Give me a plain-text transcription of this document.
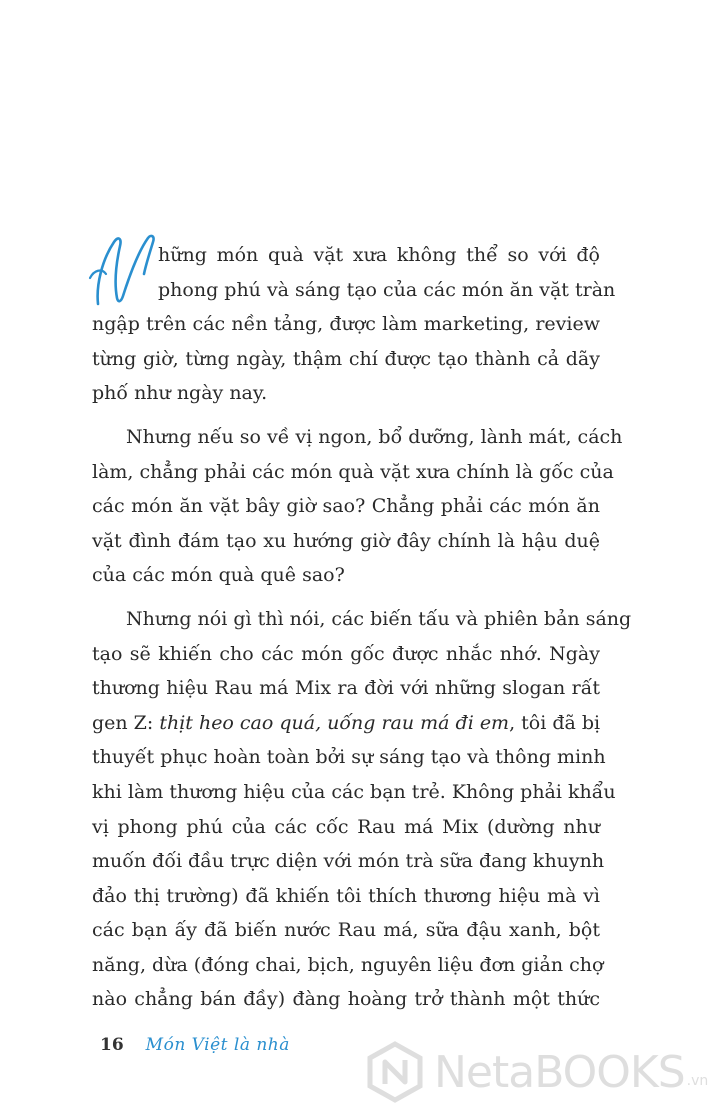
hững món quà vặt xưa không thể so với độ
phong phú và sáng tạo của các món ăn vặt tràn
ngập trên các nền tảng, được làm marketing, review
từng giờ, từng ngày, thậm chí được tạo thành cả dãy
phố như ngày nay.
Nhưng nếu so về vị ngon, bổ dưỡng, lành mát, cách
làm, chẳng phải các món quà vặt xưa chính là gốc của
các món ăn vặt bây giờ sao? Chẳng phải các món ăn
vặt đình đám tạo xu hướng giờ đây chính là hậu duệ
của các món quà quê sao?
Nhưng nói gì thì nói, các biến tấu và phiên bản sáng
tạo sẽ khiến cho các món gốc được nhắc nhớ. Ngày
thương hiệu Rau má Mix ra đời với những slogan rất
gen Z: thịt heo cao quá, uống rau má đi em, tôi đã bị
thuyết phục hoàn toàn bởi sự sáng tạo và thông minh
khi làm thương hiệu của các bạn trẻ. Không phải khẩu
vị phong phú của các cốc Rau má Mix (dường như
muốn đối đầu trực diện với món trà sữa đang khuynh
đảo thị trường) đã khiến tôi thích thương hiệu mà vì
các bạn ấy đã biến nước Rau má, sữa đậu xanh, bột
năng, dừa (đóng chai, bịch, nguyên liệu đơn giản chợ
nào chẳng bán đầy) đàng hoàng trở thành một thức
16 Món Việt là nhà
NetaBOOKS .vn
